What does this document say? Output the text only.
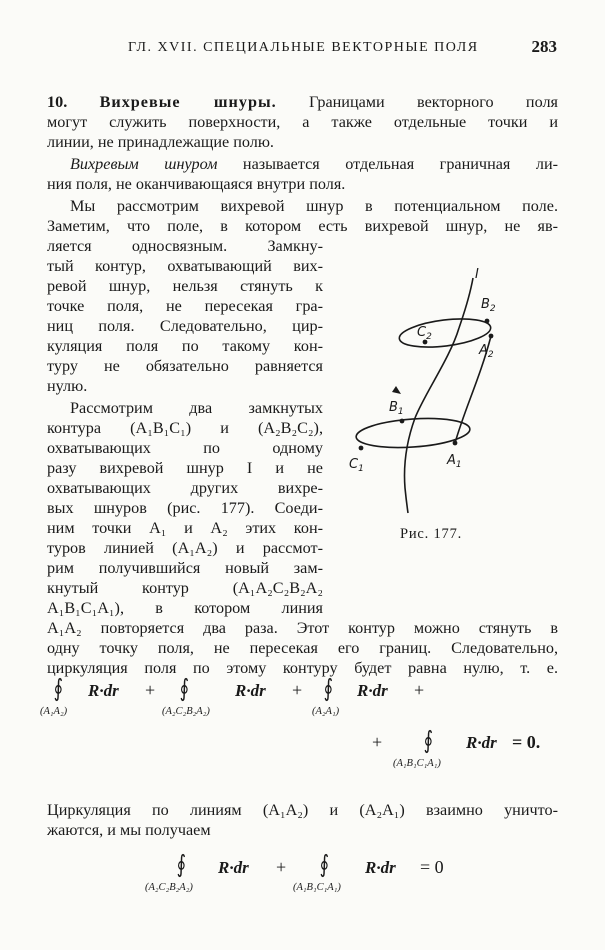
ГЛ. XVII. СПЕЦИАЛЬНЫЕ ВЕКТОРНЫЕ ПОЛЯ	283
10. Вихревые шнуры. Границами векторного поля
могут служить поверхности, а также отдельные точки и
линии, не принадлежащие полю.
Вихревым шнуром называется отдельная граничная ли-
ния поля, не оканчивающаяся внутри поля.
Мы рассмотрим вихревой шнур в потенциальном поле.
Заметим, что поле, в котором есть вихревой шнур, не яв-
ляется односвязным. Замкну-
тый контур, охватывающий вих-
ревой шнур, нельзя стянуть к
точке поля, не пересекая гра-
ниц поля. Следовательно, цир-
куляция поля по такому кон-
туру не обязательно равняется
нулю.
Рассмотрим два замкнутых
контура (A₁B₁C₁) и (A₂B₂C₂),
охватывающих по одному
разу вихревой шнур I и не
охватывающих других вихре-
вых шнуров (рис. 177). Соеди-
ним точки A₁ и A₂ этих кон-
туров линией (A₁A₂) и рассмот-
рим получившийся новый зам-
кнутый контур (A₁A₂C₂B₂A₂
A₁B₁C₁A₁), в котором линия
A₁A₂ повторяется два раза. Этот контур можно стянуть в
одну точку поля, не пересекая его границ. Следовательно,
циркуляция поля по этому контуру будет равна нулю, т. е.
I
$B_2$
$C_2$
$A_2$
$B_1$
$C_1$
$A_1$
Рис. 177.
∮
(A₁A₂)
R·dr + ∮
(A₂C₂B₂A₂)
R·dr + ∮
(A₂A₁)
R·dr +
+ ∮
(A₁B₁C₁A₁)
R·dr = 0.
Циркуляция по линиям (A₁A₂) и (A₂A₁) взаимно уничто-
жаются, и мы получаем
∮
(A₂C₂B₂A₂)
R·dr + ∮
(A₁B₁C₁A₁)
R·dr = 0
